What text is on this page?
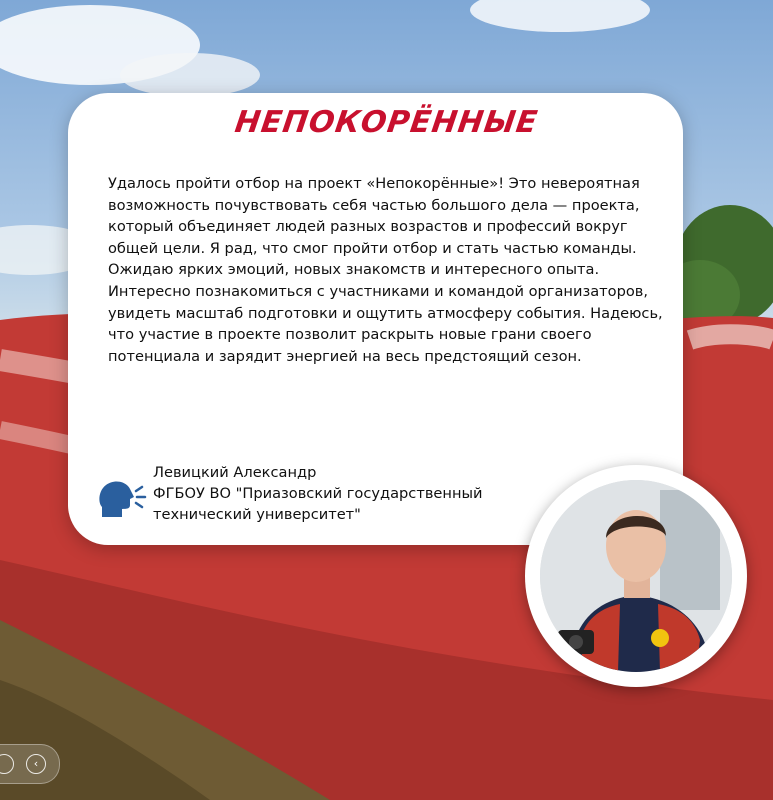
НЕПОКОРЁННЫЕ

Удалось пройти отбор на проект «Непокорённые»! Это невероятная возможность почувствовать себя частью большого дела — проекта, который объединяет людей разных возрастов и профессий вокруг общей цели. Я рад, что смог пройти отбор и стать частью команды.

Ожидаю ярких эмоций, новых знакомств и интересного опыта. Интересно познакомиться с участниками и командой организаторов, увидеть масштаб подготовки и ощутить атмосферу события. Надеюсь, что участие в проекте позволит раскрыть новые грани своего потенциала и зарядит энергией на весь предстоящий сезон.

Левицкий Александр
ФГБОУ ВО "Приазовский государственный
технический университет"
‹
